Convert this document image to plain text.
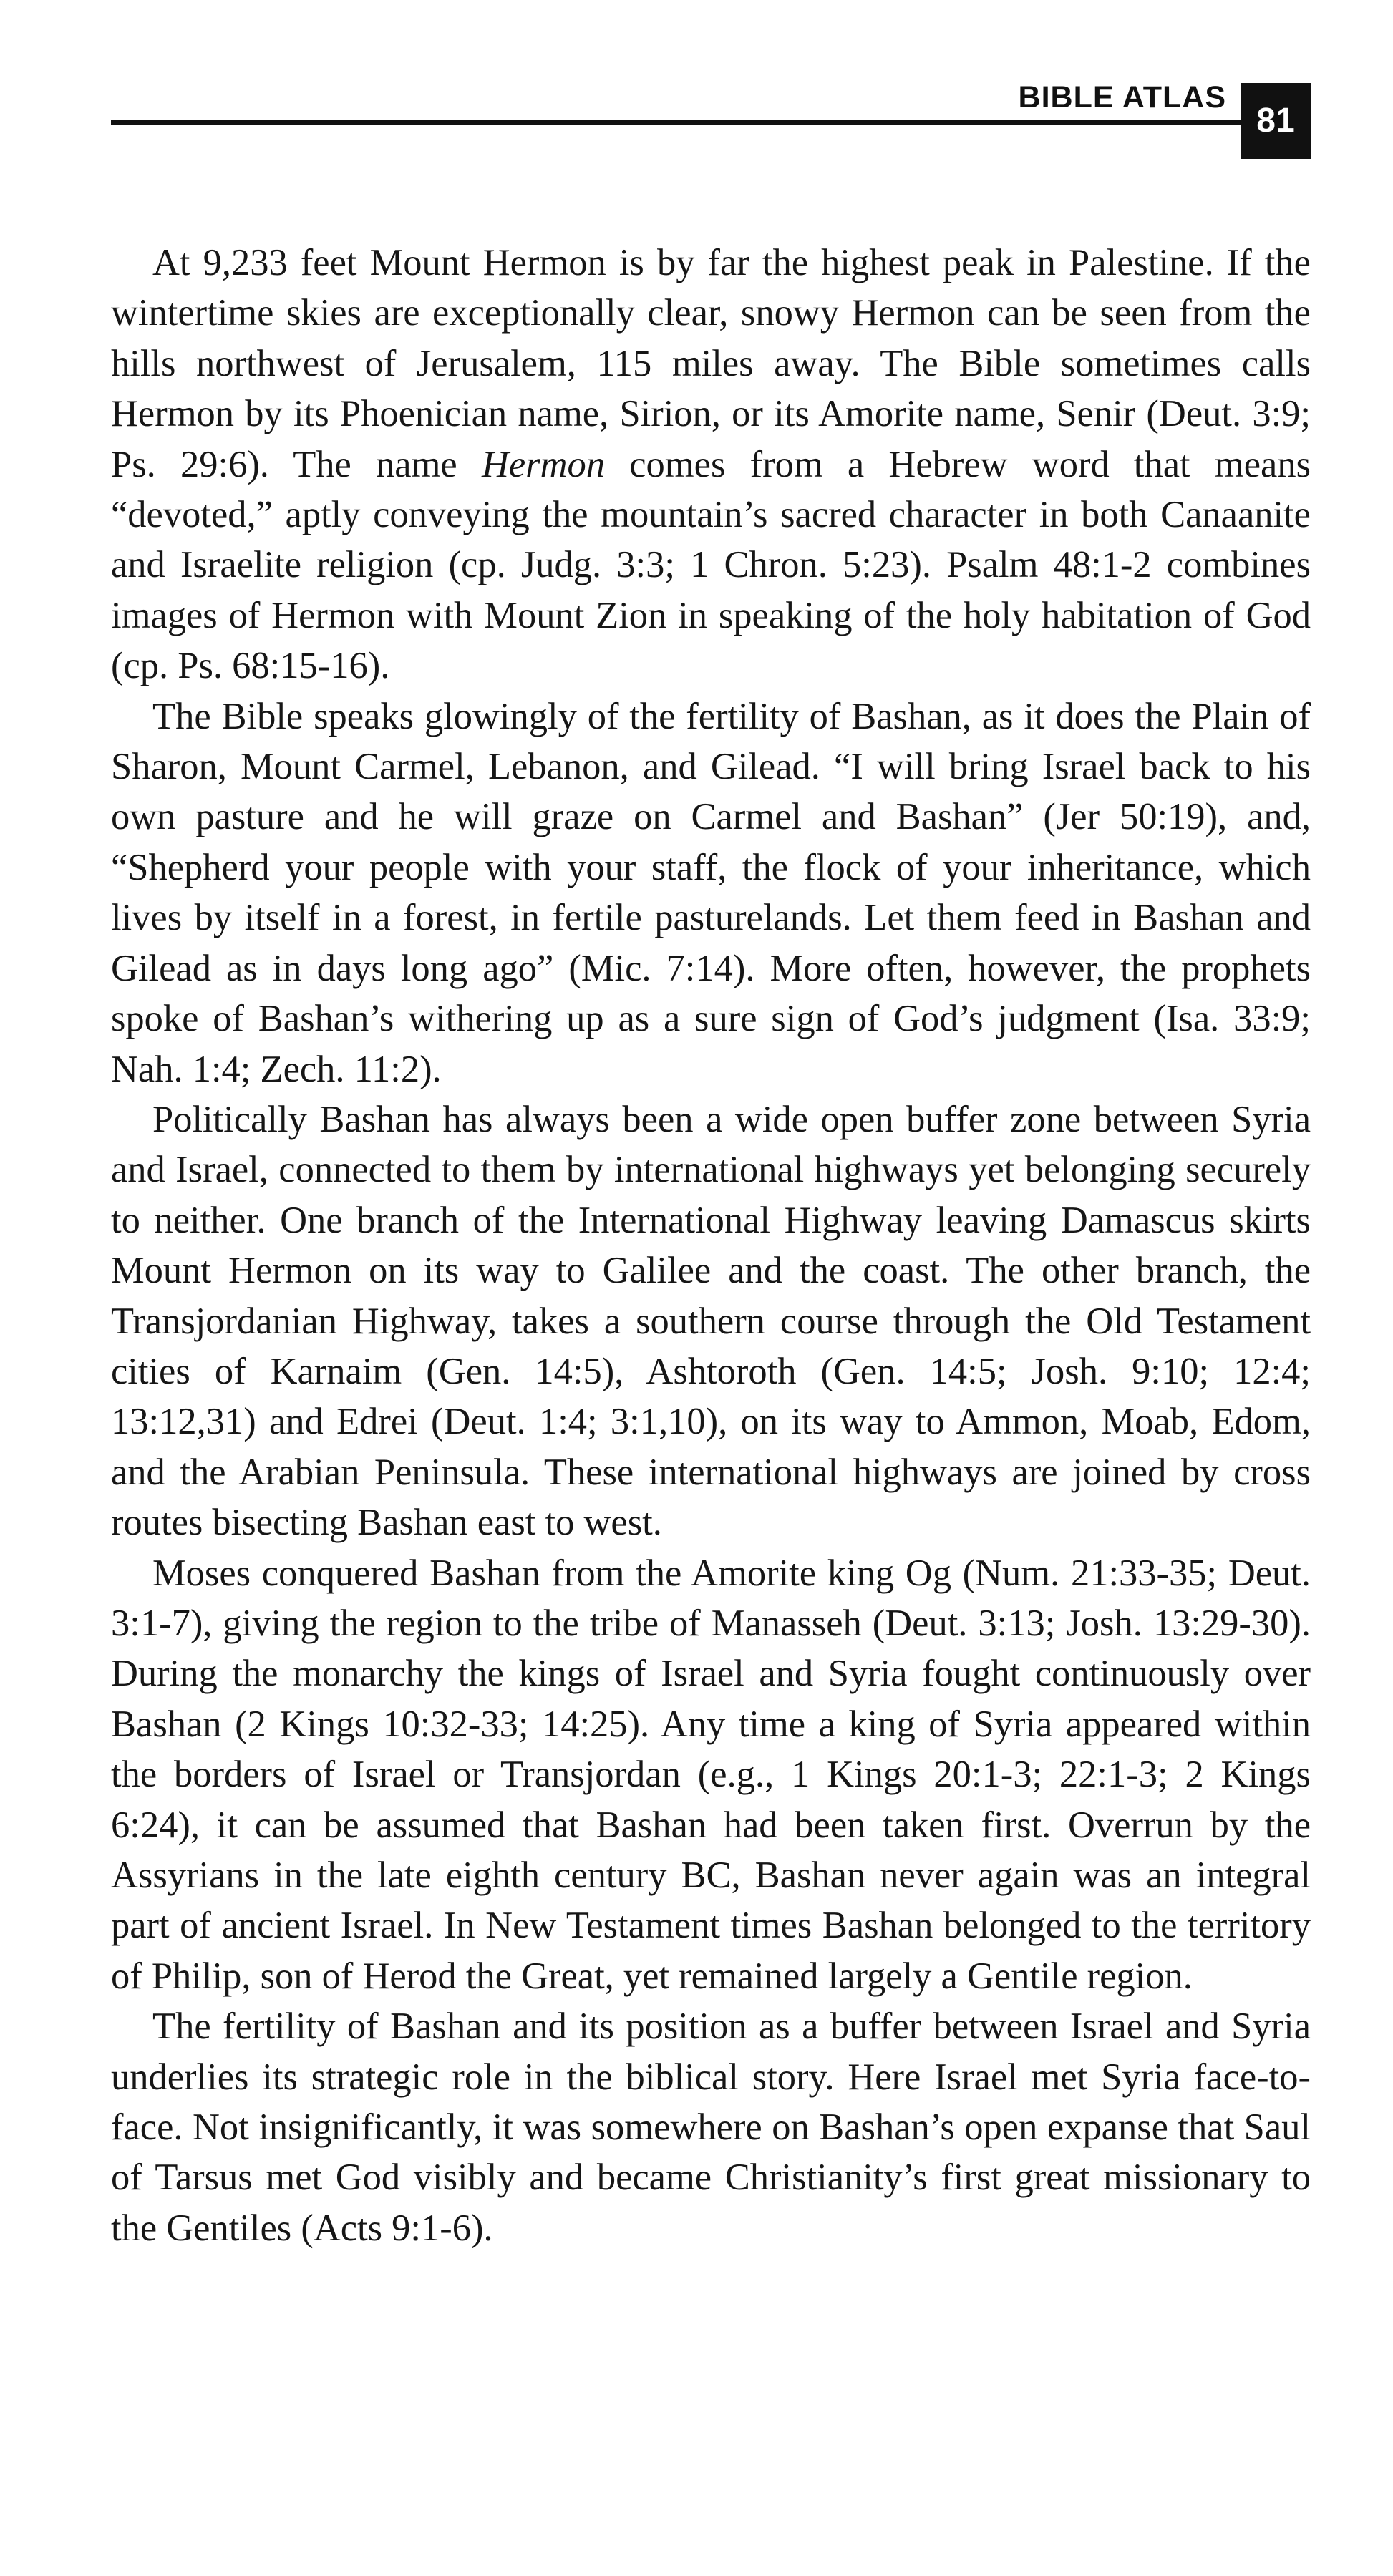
BIBLE ATLAS
81

At 9,233 feet Mount Hermon is by far the highest peak in Palestine. If the wintertime skies are exceptionally clear, snowy Hermon can be seen from the hills northwest of Jerusalem, 115 miles away. The Bible sometimes calls Hermon by its Phoenician name, Sirion, or its Amorite name, Senir (Deut. 3:9; Ps. 29:6). The name Hermon comes from a Hebrew word that means “devoted,” aptly conveying the mountain’s sacred character in both Canaanite and Israelite religion (cp. Judg. 3:3; 1 Chron. 5:23). Psalm 48:1-2 combines images of Hermon with Mount Zion in speaking of the holy habitation of God (cp. Ps. 68:15-16).

The Bible speaks glowingly of the fertility of Bashan, as it does the Plain of Sharon, Mount Carmel, Lebanon, and Gilead. “I will bring Israel back to his own pasture and he will graze on Carmel and Bashan” (Jer 50:19), and, “Shepherd your people with your staff, the flock of your inheritance, which lives by itself in a forest, in fertile pasturelands. Let them feed in Bashan and Gilead as in days long ago” (Mic. 7:14). More often, however, the prophets spoke of Bashan’s withering up as a sure sign of God’s judgment (Isa. 33:9; Nah. 1:4; Zech. 11:2).

Politically Bashan has always been a wide open buffer zone between Syria and Israel, connected to them by international highways yet belonging securely to neither. One branch of the International Highway leaving Damascus skirts Mount Hermon on its way to Galilee and the coast. The other branch, the Transjordanian Highway, takes a southern course through the Old Testament cities of Karnaim (Gen. 14:5), Ashtoroth (Gen. 14:5; Josh. 9:10; 12:4; 13:12,31) and Edrei (Deut. 1:4; 3:1,10), on its way to Ammon, Moab, Edom, and the Arabian Peninsula. These international highways are joined by cross routes bisecting Bashan east to west.

Moses conquered Bashan from the Amorite king Og (Num. 21:33-35; Deut. 3:1-7), giving the region to the tribe of Manasseh (Deut. 3:13; Josh. 13:29-30). During the monarchy the kings of Israel and Syria fought continuously over Bashan (2 Kings 10:32-33; 14:25). Any time a king of Syria appeared within the borders of Israel or Transjordan (e.g., 1 Kings 20:1-3; 22:1-3; 2 Kings 6:24), it can be assumed that Bashan had been taken first. Overrun by the Assyrians in the late eighth century BC, Bashan never again was an integral part of ancient Israel. In New Testament times Bashan belonged to the territory of Philip, son of Herod the Great, yet remained largely a Gentile region.

The fertility of Bashan and its position as a buffer between Israel and Syria underlies its strategic role in the biblical story. Here Israel met Syria face-to-face. Not insignificantly, it was somewhere on Bashan’s open expanse that Saul of Tarsus met God visibly and became Christianity’s first great missionary to the Gentiles (Acts 9:1-6).
